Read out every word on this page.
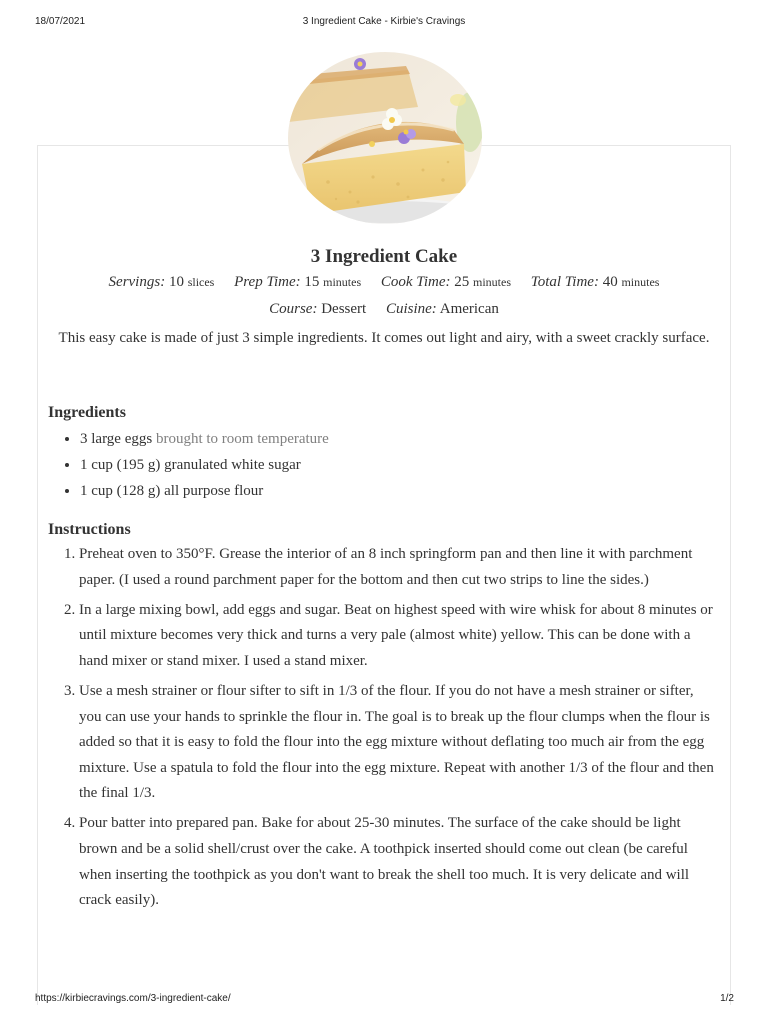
18/07/2021	3 Ingredient Cake - Kirbie's Cravings
3 Ingredient Cake
Servings: 10 slices Prep Time: 15 minutes Cook Time: 25 minutes Total Time: 40 minutes
Course: Dessert Cuisine: American
This easy cake is made of just 3 simple ingredients. It comes out light and airy, with a sweet crackly surface.
Ingredients
• 3 large eggs brought to room temperature
• 1 cup (195 g) granulated white sugar
• 1 cup (128 g) all purpose flour
Instructions
1. Preheat oven to 350°F. Grease the interior of an 8 inch springform pan and then line it with parchment paper. (I used a round parchment paper for the bottom and then cut two strips to line the sides.)
2. In a large mixing bowl, add eggs and sugar. Beat on highest speed with wire whisk for about 8 minutes or until mixture becomes very thick and turns a very pale (almost white) yellow. This can be done with a hand mixer or stand mixer. I used a stand mixer.
3. Use a mesh strainer or flour sifter to sift in 1/3 of the flour. If you do not have a mesh strainer or sifter, you can use your hands to sprinkle the flour in. The goal is to break up the flour clumps when the flour is added so that it is easy to fold the flour into the egg mixture without deflating too much air from the egg mixture. Use a spatula to fold the flour into the egg mixture. Repeat with another 1/3 of the flour and then the final 1/3.
4. Pour batter into prepared pan. Bake for about 25-30 minutes. The surface of the cake should be light brown and be a solid shell/crust over the cake. A toothpick inserted should come out clean (be careful when inserting the toothpick as you don't want to break the shell too much. It is very delicate and will crack easily).
https://kirbiecravings.com/3-ingredient-cake/	1/2
